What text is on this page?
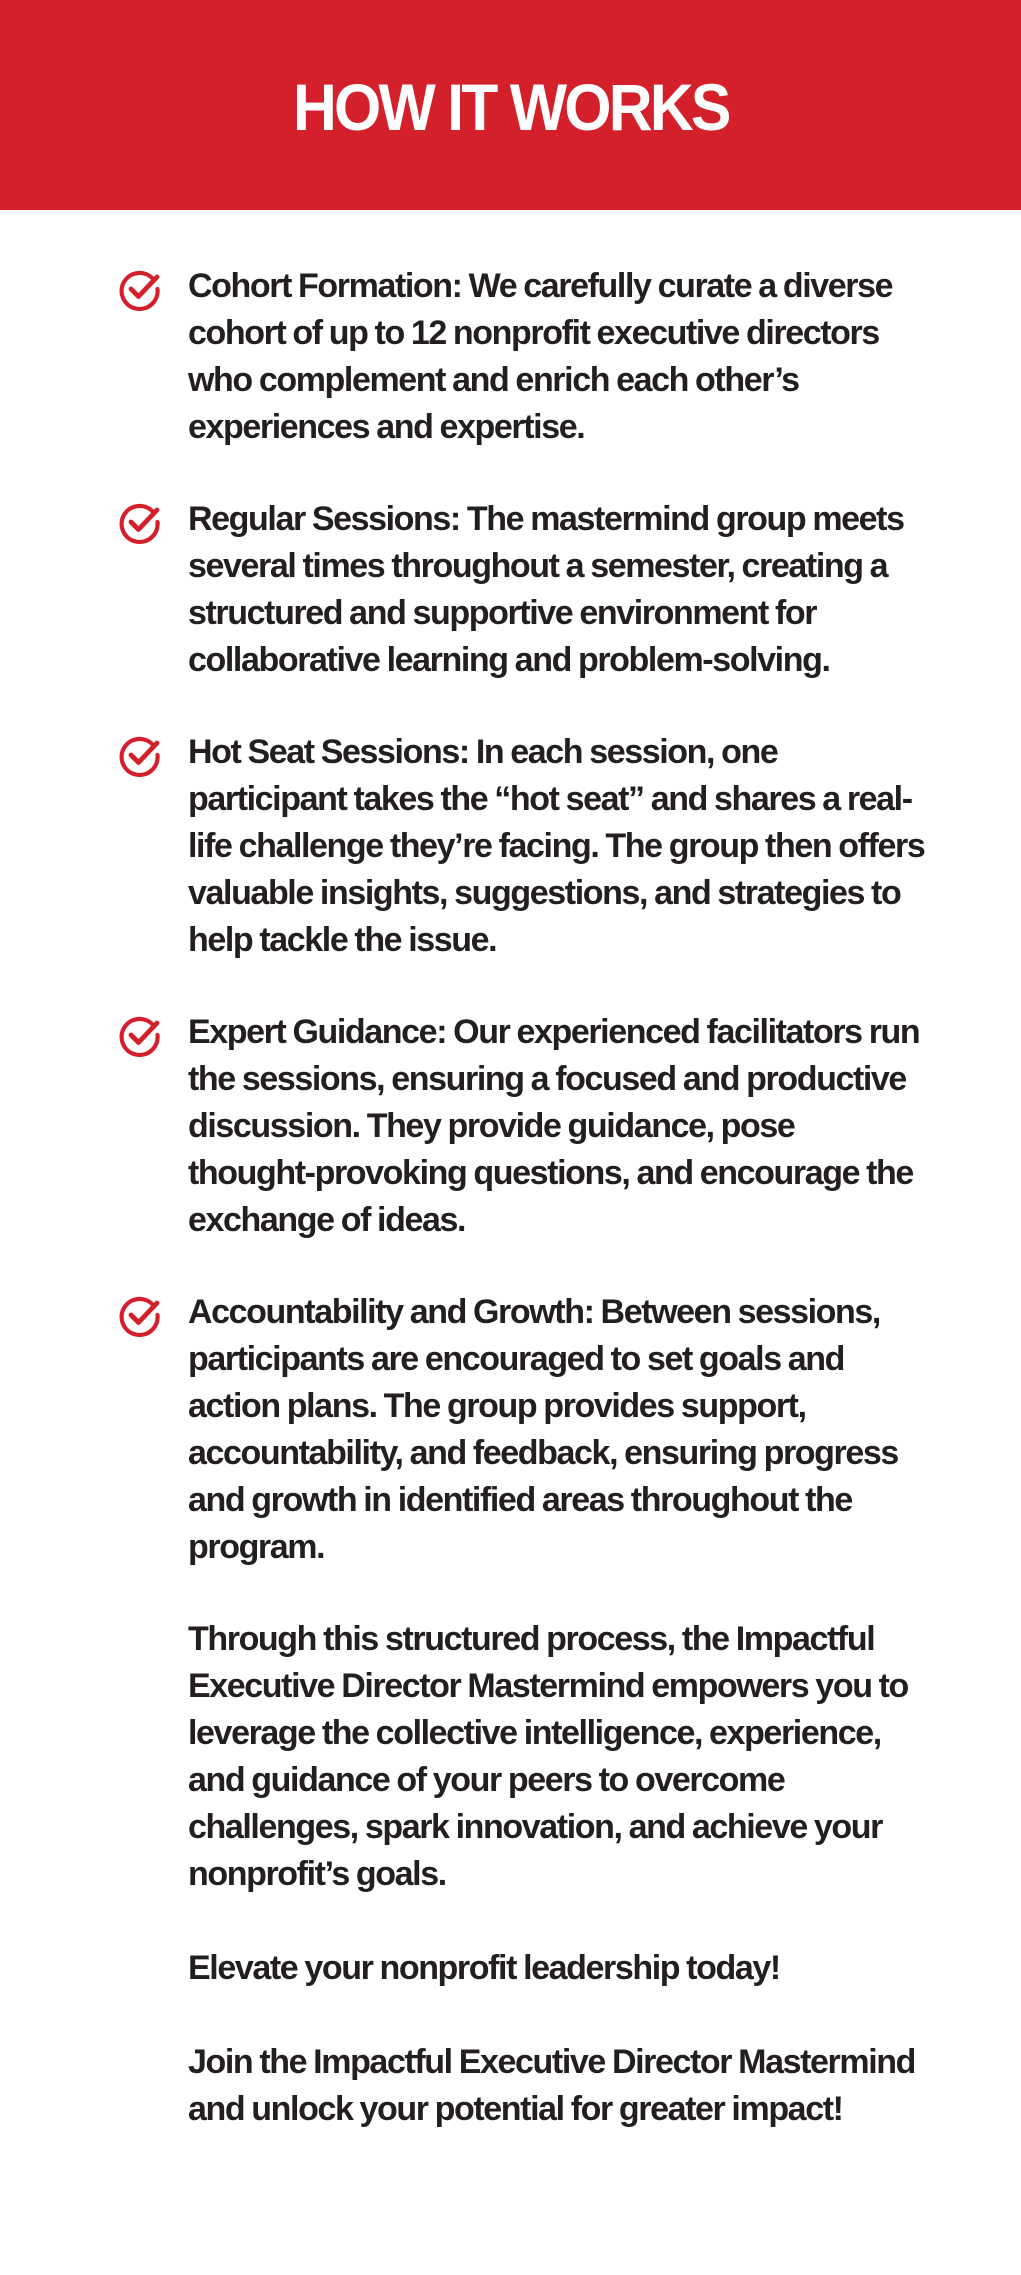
HOW IT WORKS

Cohort Formation: We carefully curate a diverse cohort of up to 12 nonprofit executive directors who complement and enrich each other’s experiences and expertise.

Regular Sessions: The mastermind group meets several times throughout a semester, creating a structured and supportive environment for collaborative learning and problem-solving.

Hot Seat Sessions: In each session, one participant takes the “hot seat” and shares a real-life challenge they’re facing. The group then offers valuable insights, suggestions, and strategies to help tackle the issue.

Expert Guidance: Our experienced facilitators run the sessions, ensuring a focused and productive discussion. They provide guidance, pose thought-provoking questions, and encourage the exchange of ideas.

Accountability and Growth: Between sessions, participants are encouraged to set goals and action plans. The group provides support, accountability, and feedback, ensuring progress and growth in identified areas throughout the program.

Through this structured process, the Impactful Executive Director Mastermind empowers you to leverage the collective intelligence, experience, and guidance of your peers to overcome challenges, spark innovation, and achieve your nonprofit’s goals.

Elevate your nonprofit leadership today!

Join the Impactful Executive Director Mastermind and unlock your potential for greater impact!
